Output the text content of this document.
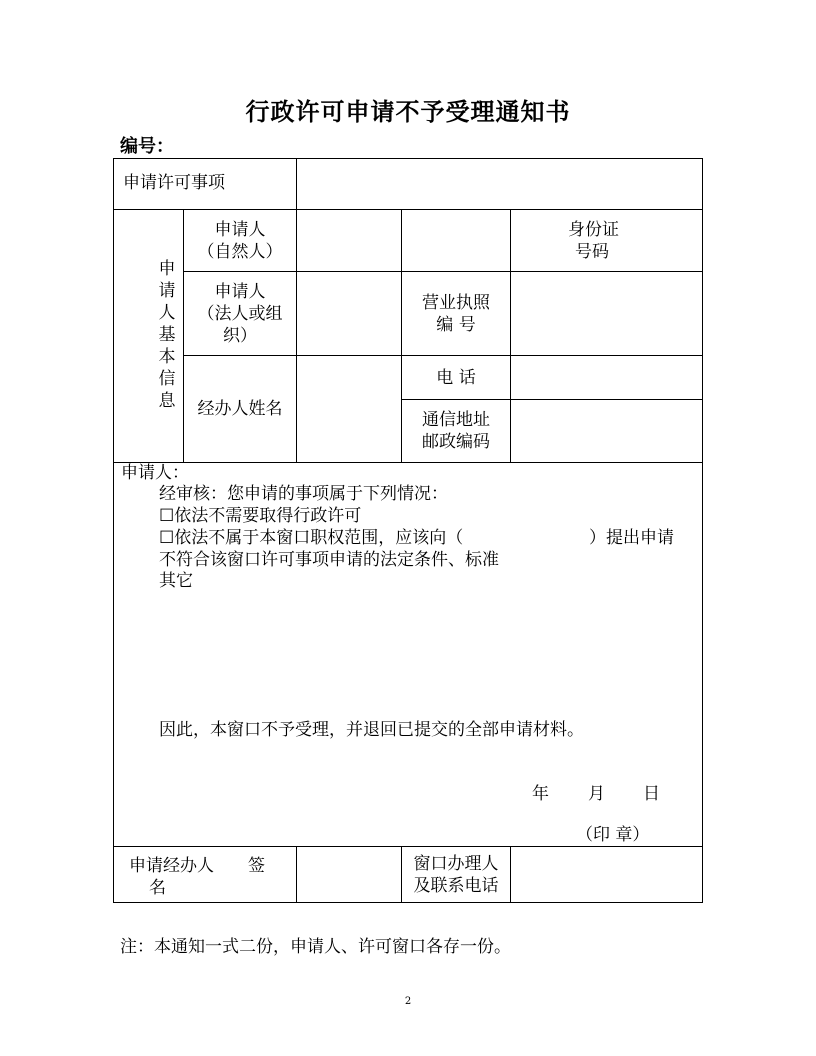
行政许可申请不予受理通知书
编号：
申请许可事项
申
请
人
基
本
信
息
申请人
（自然人）
身份证
号码
申请人
（法人或组
织）
营业执照
编 号
经办人姓名
电 话
通信地址
邮政编码
申请人：
经审核：您申请的事项属于下列情况：
☐依法不需要取得行政许可
☐依法不属于本窗口职权范围，应该向（	）提出申请
不符合该窗口许可事项申请的法定条件、标准
其它
因此，本窗口不予受理，并退回已提交的全部申请材料。
年 月 日
（印 章）
申请经办人　　签
名
窗口办理人
及联系电话
注：本通知一式二份，申请人、许可窗口各存一份。
2
